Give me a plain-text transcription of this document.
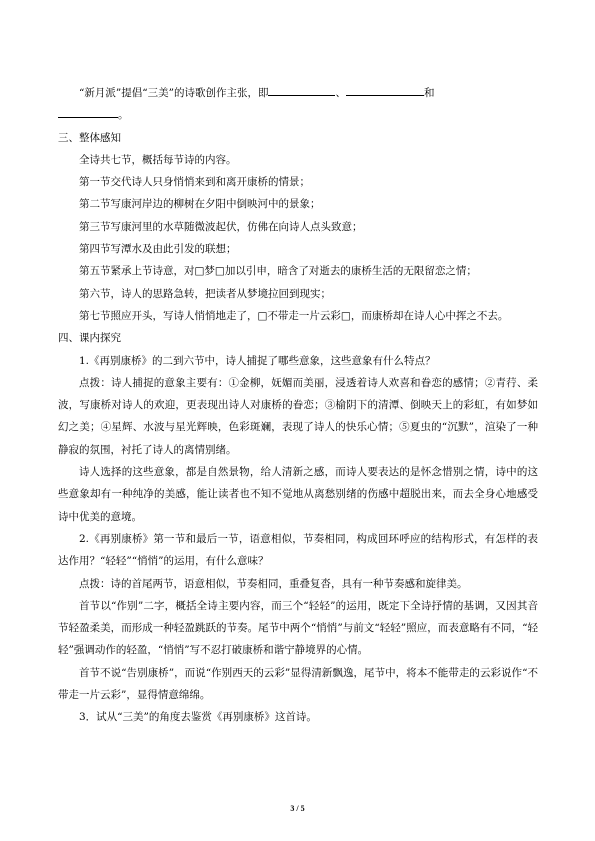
“新月派”提倡“三美”的诗歌创作主张，即	、	和
。

三、整体感知

全诗共七节，概括每节诗的内容。

第一节交代诗人只身悄悄来到和离开康桥的情景；

第二节写康河岸边的柳树在夕阳中倒映河中的景象；

第三节写康河里的水草随微波起伏，仿佛在向诗人点头致意；

第四节写潭水及由此引发的联想；

第五节紧承上节诗意，对□梦□加以引申，暗含了对逝去的康桥生活的无限留恋之情；

第六节，诗人的思路急转，把读者从梦境拉回到现实；

第七节照应开头，写诗人悄悄地走了，□不带走一片云彩□，而康桥却在诗人心中挥之不去。

四、课内探究

1.《再别康桥》的二到六节中，诗人捕捉了哪些意象，这些意象有什么特点？

点拨：诗人捕捉的意象主要有：①金柳，妩媚而美丽，浸透着诗人欢喜和眷恋的感情；②青荇、柔波，写康桥对诗人的欢迎，更表现出诗人对康桥的眷恋；③榆阴下的清潭、倒映天上的彩虹，有如梦如幻之美；④星辉、水波与星光辉映，色彩斑斓，表现了诗人的快乐心情；⑤夏虫的“沉默”，渲染了一种静寂的氛围，衬托了诗人的离情别绪。

诗人选择的这些意象，都是自然景物，给人清新之感，而诗人要表达的是怀念惜别之情，诗中的这些意象却有一种纯净的美感，能让读者也不知不觉地从离愁别绪的伤感中超脱出来，而去全身心地感受诗中优美的意境。

2.《再别康桥》第一节和最后一节，语意相似，节奏相同，构成回环呼应的结构形式，有怎样的表达作用？“轻轻”“悄悄”的运用，有什么意味？

点拨：诗的首尾两节，语意相似，节奏相同，重叠复沓，具有一种节奏感和旋律美。

首节以“作别”二字，概括全诗主要内容，而三个“轻轻”的运用，既定下全诗抒情的基调，又因其音节轻盈柔美，而形成一种轻盈跳跃的节奏。尾节中两个“悄悄”与前文“轻轻”照应，而表意略有不同，“轻轻”强调动作的轻盈，“悄悄”写不忍打破康桥和谐宁静境界的心情。

首节不说“告别康桥”，而说“作别西天的云彩”显得清新飘逸，尾节中，将本不能带走的云彩说作“不带走一片云彩”，显得情意绵绵。

3．试从“三美”的角度去鉴赏《再别康桥》这首诗。

3 / 5
